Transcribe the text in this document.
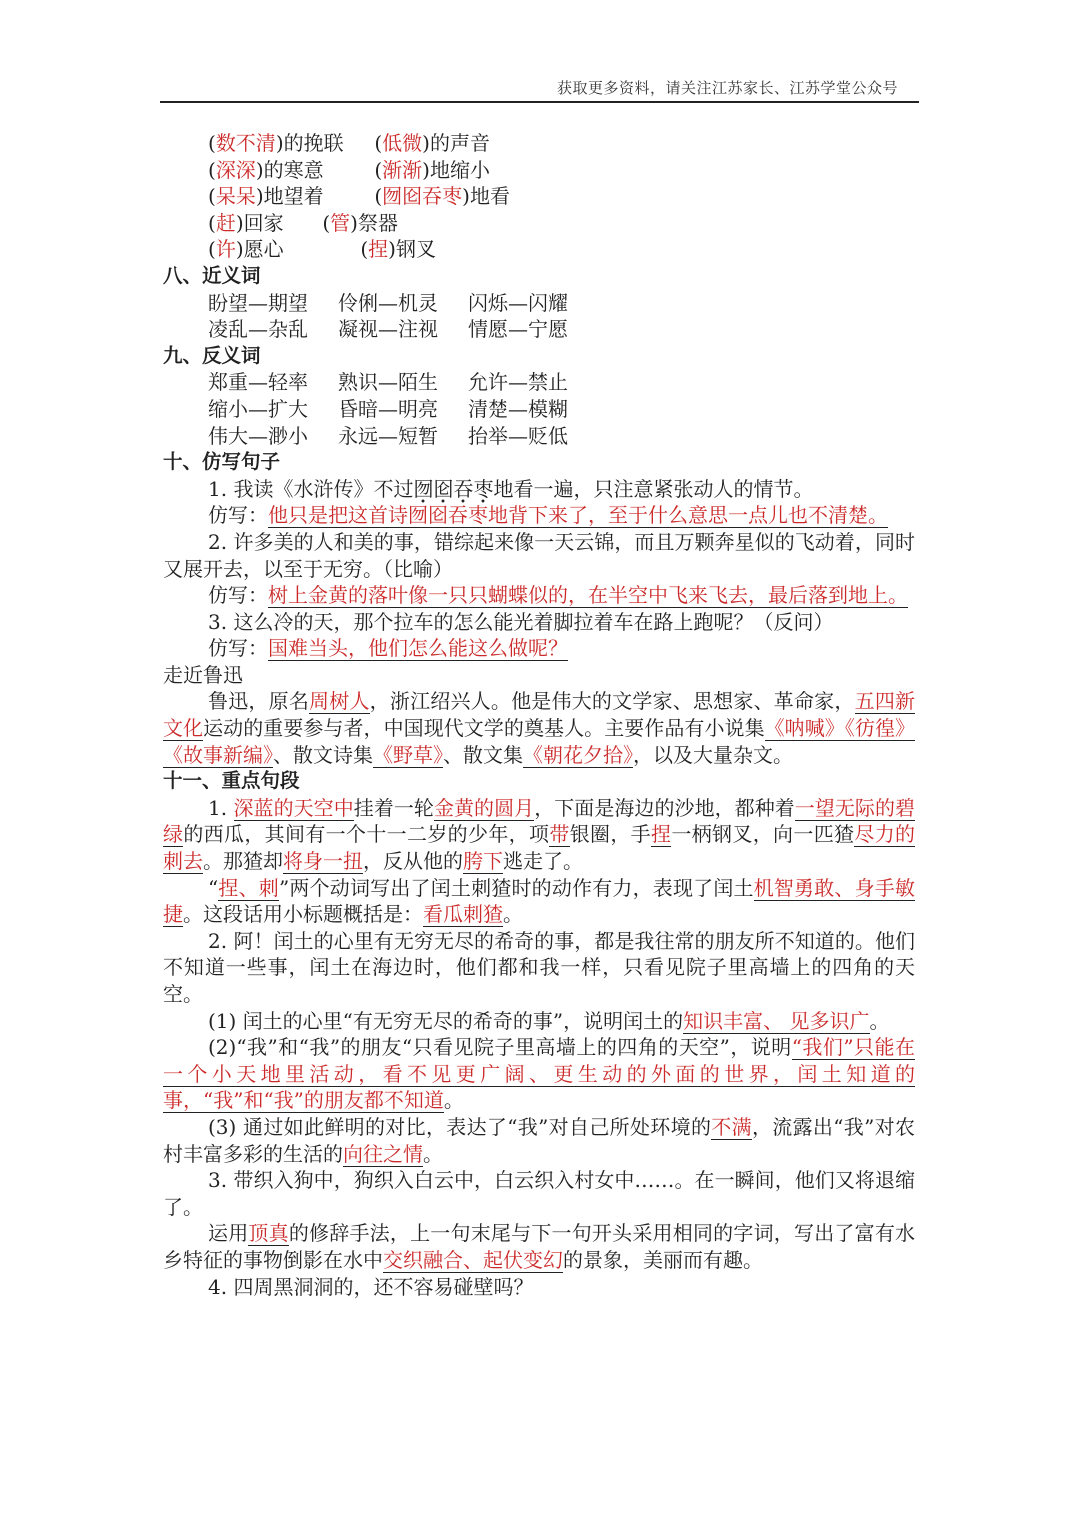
获取更多资料，请关注江苏家长、江苏学堂公众号
(数不清)的挽联 (低微)的声音
(深深)的寒意 (渐渐)地缩小
(呆呆)地望着 (囫囵吞枣)地看
(赶)回家 (管)祭器
(许)愿心	(捏)钢叉
八、近义词
盼望—期望 伶俐—机灵 闪烁—闪耀
凌乱—杂乱 凝视—注视 情愿—宁愿
九、反义词
郑重—轻率 熟识—陌生 允许—禁止
缩小—扩大 昏暗—明亮 清楚—模糊
伟大—渺小 永远—短暂 抬举—贬低
十、仿写句子
1. 我读《水浒传》不过囫囵吞枣地看一遍，只注意紧张动人的情节。
仿写：他只是把这首诗囫囵吞枣地背下来了，至于什么意思一点儿也不清楚。
2. 许多美的人和美的事，错综起来像一天云锦，而且万颗奔星似的飞动着，同时又展开去，以至于无穷。（比喻）
仿写：树上金黄的落叶像一只只蝴蝶似的，在半空中飞来飞去，最后落到地上。
3. 这么冷的天，那个拉车的怎么能光着脚拉着车在路上跑呢？（反问）
仿写：国难当头，他们怎么能这么做呢？
走近鲁迅
鲁迅，原名周树人，浙江绍兴人。他是伟大的文学家、思想家、革命家，五四新文化运动的重要参与者，中国现代文学的奠基人。主要作品有小说集《呐喊》《彷徨》《故事新编》、散文诗集《野草》、散文集《朝花夕拾》，以及大量杂文。
十一、重点句段
1. 深蓝的天空中挂着一轮金黄的圆月，下面是海边的沙地，都种着一望无际的碧绿的西瓜，其间有一个十一二岁的少年，项带银圈，手捏一柄钢叉，向一匹猹尽力的刺去。那猹却将身一扭，反从他的胯下逃走了。
“捏、刺”两个动词写出了闰土刺猹时的动作有力，表现了闰土机智勇敢、身手敏捷。这段话用小标题概括是：看瓜刺猹。
2. 阿！闰土的心里有无穷无尽的希奇的事，都是我往常的朋友所不知道的。他们不知道一些事，闰土在海边时，他们都和我一样，只看见院子里高墙上的四角的天空。
(1) 闰土的心里“有无穷无尽的希奇的事”，说明闰土的知识丰富、 见多识广。
(2)“我”和“我”的朋友“只看见院子里高墙上的四角的天空”，说明“我们”只能在一个小天地里活动，看不见更广阔、更生动的外面的世界，闰土知道的事，“我”和“我”的朋友都不知道。
(3) 通过如此鲜明的对比，表达了“我”对自己所处环境的不满，流露出“我”对农村丰富多彩的生活的向往之情。
3. 带织入狗中，狗织入白云中，白云织入村女中……。在一瞬间，他们又将退缩了。
运用顶真的修辞手法，上一句末尾与下一句开头采用相同的字词，写出了富有水乡特征的事物倒影在水中交织融合、起伏变幻的景象，美丽而有趣。
4. 四周黑洞洞的，还不容易碰壁吗？
